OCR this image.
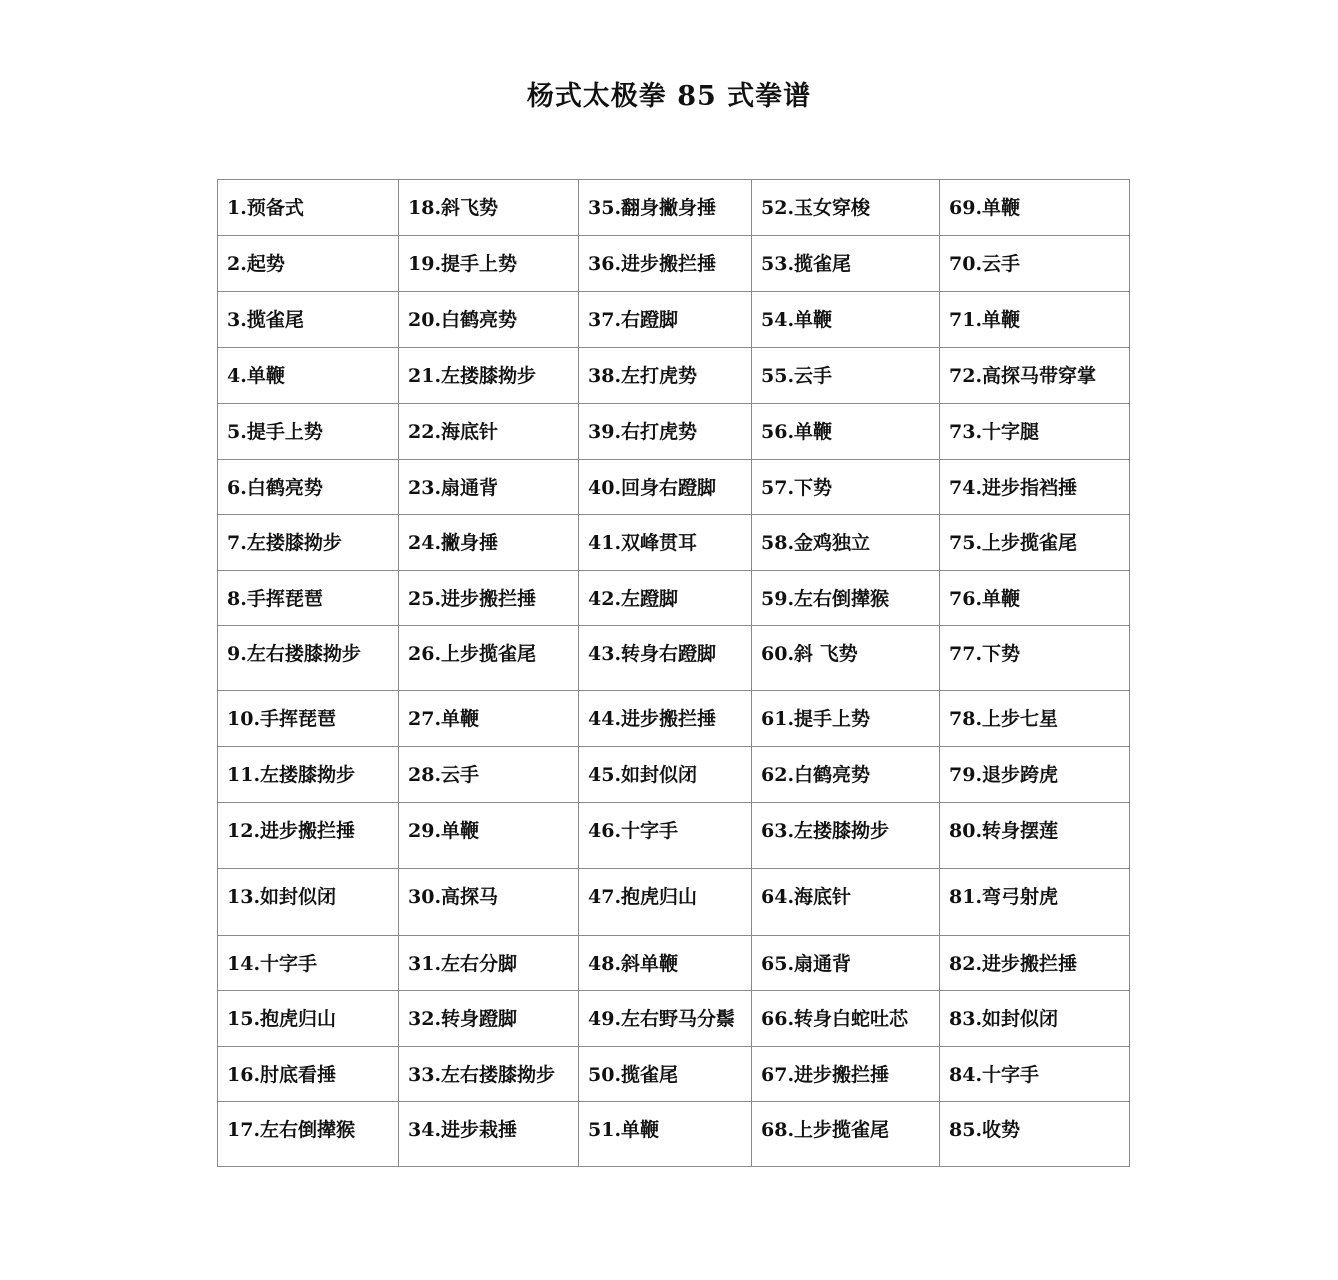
杨式太极拳 85 式拳谱
1.预备式	18.斜飞势	35.翻身撇身捶	52.玉女穿梭	69.单鞭
2.起势	19.提手上势	36.进步搬拦捶	53.揽雀尾	70.云手
3.揽雀尾	20.白鹤亮势	37.右蹬脚	54.单鞭	71.单鞭
4.单鞭	21.左搂膝拗步	38.左打虎势	55.云手	72.高探马带穿掌
5.提手上势	22.海底针	39.右打虎势	56.单鞭	73.十字腿
6.白鹤亮势	23.扇通背	40.回身右蹬脚	57.下势	74.进步指裆捶
7.左搂膝拗步	24.撇身捶	41.双峰贯耳	58.金鸡独立	75.上步揽雀尾
8.手挥琵琶	25.进步搬拦捶	42.左蹬脚	59.左右倒撵猴	76.单鞭
9.左右搂膝拗步	26.上步揽雀尾	43.转身右蹬脚	60.斜 飞势	77.下势
10.手挥琵琶	27.单鞭	44.进步搬拦捶	61.提手上势	78.上步七星
11.左搂膝拗步	28.云手	45.如封似闭	62.白鹤亮势	79.退步跨虎
12.进步搬拦捶	29.单鞭	46.十字手	63.左搂膝拗步	80.转身摆莲
13.如封似闭	30.高探马	47.抱虎归山	64.海底针	81.弯弓射虎
14.十字手	31.左右分脚	48.斜单鞭	65.扇通背	82.进步搬拦捶
15.抱虎归山	32.转身蹬脚	49.左右野马分鬃	66.转身白蛇吐芯	83.如封似闭
16.肘底看捶	33.左右搂膝拗步	50.揽雀尾	67.进步搬拦捶	84.十字手
17.左右倒撵猴	34.进步栽捶	51.单鞭	68.上步揽雀尾	85.收势
